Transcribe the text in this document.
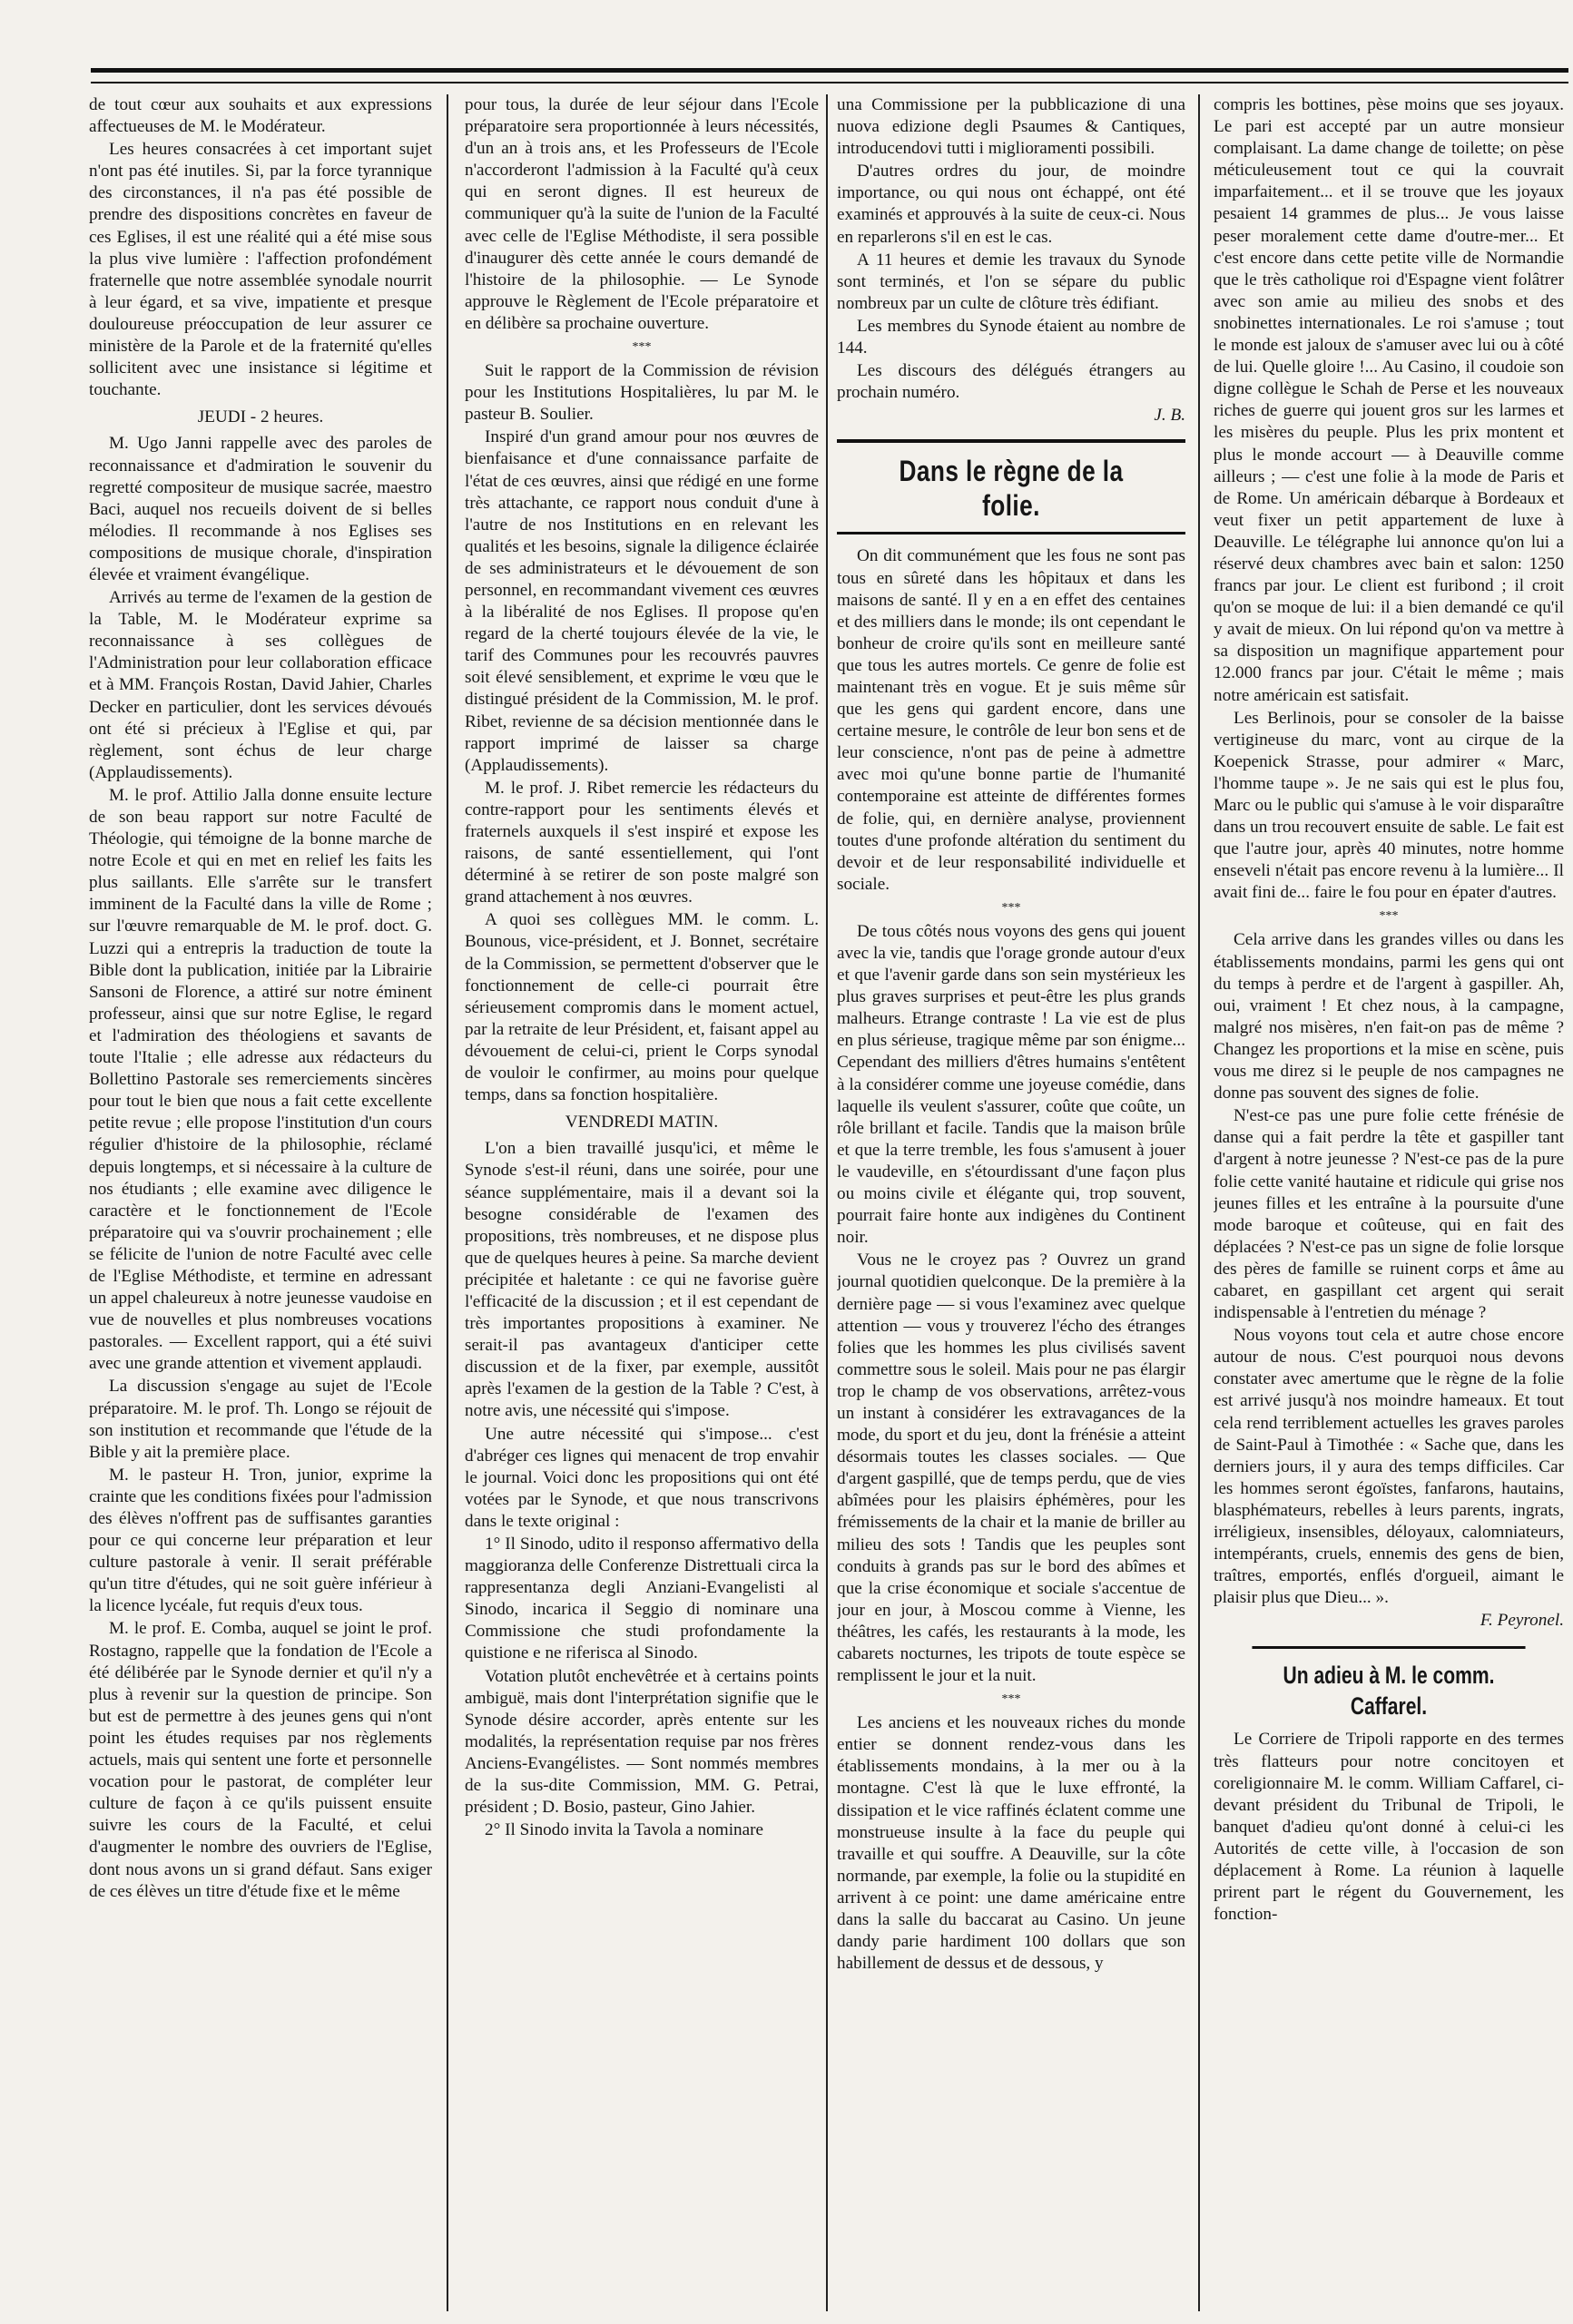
de tout cœur aux souhaits et aux expressions affectueuses de M. le Modérateur.

Les heures consacrées à cet important sujet n'ont pas été inutiles. Si, par la force tyrannique des circonstances, il n'a pas été possible de prendre des dispositions concrètes en faveur de ces Eglises, il est une réalité qui a été mise sous la plus vive lumière : l'affection profondément fraternelle que notre assemblée synodale nourrit à leur égard, et sa vive, impatiente et presque douloureuse préoccupation de leur assurer ce ministère de la Parole et de la fraternité qu'elles sollicitent avec une insistance si légitime et touchante.

JEUDI - 2 heures.

M. Ugo Janni rappelle avec des paroles de reconnaissance et d'admiration le souvenir du regretté compositeur de musique sacrée, maestro Baci, auquel nos recueils doivent de si belles mélodies. Il recommande à nos Eglises ses compositions de musique chorale, d'inspiration élevée et vraiment évangélique.

Arrivés au terme de l'examen de la gestion de la Table, M. le Modérateur exprime sa reconnaissance à ses collègues de l'Administration pour leur collaboration efficace et à MM. François Rostan, David Jahier, Charles Decker en particulier, dont les services dévoués ont été si précieux à l'Eglise et qui, par règlement, sont échus de leur charge (Applaudissements).

M. le prof. Attilio Jalla donne ensuite lecture de son beau rapport sur notre Faculté de Théologie, qui témoigne de la bonne marche de notre Ecole et qui en met en relief les faits les plus saillants. Elle s'arrête sur le transfert imminent de la Faculté dans la ville de Rome ; sur l'œuvre remarquable de M. le prof. doct. G. Luzzi qui a entrepris la traduction de toute la Bible dont la publication, initiée par la Librairie Sansoni de Florence, a attiré sur notre éminent professeur, ainsi que sur notre Eglise, le regard et l'admiration des théologiens et savants de toute l'Italie ; elle adresse aux rédacteurs du Bollettino Pastorale ses remerciements sincères pour tout le bien que nous a fait cette excellente petite revue ; elle propose l'institution d'un cours régulier d'histoire de la philosophie, réclamé depuis longtemps, et si nécessaire à la culture de nos étudiants ; elle examine avec diligence le caractère et le fonctionnement de l'Ecole préparatoire qui va s'ouvrir prochainement ; elle se félicite de l'union de notre Faculté avec celle de l'Eglise Méthodiste, et termine en adressant un appel chaleureux à notre jeunesse vaudoise en vue de nouvelles et plus nombreuses vocations pastorales. — Excellent rapport, qui a été suivi avec une grande attention et vivement applaudi.

La discussion s'engage au sujet de l'Ecole préparatoire. M. le prof. Th. Longo se réjouit de son institution et recommande que l'étude de la Bible y ait la première place.

M. le pasteur H. Tron, junior, exprime la crainte que les conditions fixées pour l'admission des élèves n'offrent pas de suffisantes garanties pour ce qui concerne leur préparation et leur culture pastorale à venir. Il serait préférable qu'un titre d'études, qui ne soit guère inférieur à la licence lycéale, fut requis d'eux tous.

M. le prof. E. Comba, auquel se joint le prof. Rostagno, rappelle que la fondation de l'Ecole a été délibérée par le Synode dernier et qu'il n'y a plus à revenir sur la question de principe. Son but est de permettre à des jeunes gens qui n'ont point les études requises par nos règlements actuels, mais qui sentent une forte et personnelle vocation pour le pastorat, de compléter leur culture de façon à ce qu'ils puissent ensuite suivre les cours de la Faculté, et celui d'augmenter le nombre des ouvriers de l'Eglise, dont nous avons un si grand défaut. Sans exiger de ces élèves un titre d'étude fixe et le même

pour tous, la durée de leur séjour dans l'Ecole préparatoire sera proportionnée à leurs nécessités, d'un an à trois ans, et les Professeurs de l'Ecole n'accorderont l'admission à la Faculté qu'à ceux qui en seront dignes. Il est heureux de communiquer qu'à la suite de l'union de la Faculté avec celle de l'Eglise Méthodiste, il sera possible d'inaugurer dès cette année le cours demandé de l'histoire de la philosophie. — Le Synode approuve le Règlement de l'Ecole préparatoire et en délibère sa prochaine ouverture.

***

Suit le rapport de la Commission de révision pour les Institutions Hospitalières, lu par M. le pasteur B. Soulier.

Inspiré d'un grand amour pour nos œuvres de bienfaisance et d'une connaissance parfaite de l'état de ces œuvres, ainsi que rédigé en une forme très attachante, ce rapport nous conduit d'une à l'autre de nos Institutions en en relevant les qualités et les besoins, signale la diligence éclairée de ses administrateurs et le dévouement de son personnel, en recommandant vivement ces œuvres à la libéralité de nos Eglises. Il propose qu'en regard de la cherté toujours élevée de la vie, le tarif des Communes pour les recouvrés pauvres soit élevé sensiblement, et exprime le vœu que le distingué président de la Commission, M. le prof. Ribet, revienne de sa décision mentionnée dans le rapport imprimé de laisser sa charge (Applaudissements).

M. le prof. J. Ribet remercie les rédacteurs du contre-rapport pour les sentiments élevés et fraternels auxquels il s'est inspiré et expose les raisons, de santé essentiellement, qui l'ont déterminé à se retirer de son poste malgré son grand attachement à nos œuvres.

A quoi ses collègues MM. le comm. L. Bounous, vice-président, et J. Bonnet, secrétaire de la Commission, se permettent d'observer que le fonctionnement de celle-ci pourrait être sérieusement compromis dans le moment actuel, par la retraite de leur Président, et, faisant appel au dévouement de celui-ci, prient le Corps synodal de vouloir le confirmer, au moins pour quelque temps, dans sa fonction hospitalière.

VENDREDI MATIN.

L'on a bien travaillé jusqu'ici, et même le Synode s'est-il réuni, dans une soirée, pour une séance supplémentaire, mais il a devant soi la besogne considérable de l'examen des propositions, très nombreuses, et ne dispose plus que de quelques heures à peine. Sa marche devient précipitée et haletante : ce qui ne favorise guère l'efficacité de la discussion ; et il est cependant de très importantes propositions à examiner. Ne serait-il pas avantageux d'anticiper cette discussion et de la fixer, par exemple, aussitôt après l'examen de la gestion de la Table ? C'est, à notre avis, une nécessité qui s'impose.

Une autre nécessité qui s'impose... c'est d'abréger ces lignes qui menacent de trop envahir le journal. Voici donc les propositions qui ont été votées par le Synode, et que nous transcrivons dans le texte original :

1° Il Sinodo, udito il responso affermativo della maggioranza delle Conferenze Distrettuali circa la rappresentanza degli Anziani-Evangelisti al Sinodo, incarica il Seggio di nominare una Commissione che studi profondamente la quistione e ne riferisca al Sinodo.

Votation plutôt enchevêtrée et à certains points ambiguë, mais dont l'interprétation signifie que le Synode désire accorder, après entente sur les modalités, la représentation requise par nos frères Anciens-Evangélistes. — Sont nommés membres de la sus-dite Commission, MM. G. Petrai, président ; D. Bosio, pasteur, Gino Jahier.

2° Il Sinodo invita la Tavola a nominare

una Commissione per la pubblicazione di una nuova edizione degli Psaumes & Cantiques, introducendovi tutti i miglioramenti possibili.

D'autres ordres du jour, de moindre importance, ou qui nous ont échappé, ont été examinés et approuvés à la suite de ceux-ci. Nous en reparlerons s'il en est le cas.

A 11 heures et demie les travaux du Synode sont terminés, et l'on se sépare du public nombreux par un culte de clôture très édifiant.

Les membres du Synode étaient au nombre de 144.

Les discours des délégués étrangers au prochain numéro.

J. B.

Dans le règne de la folie.

On dit communément que les fous ne sont pas tous en sûreté dans les hôpitaux et dans les maisons de santé. Il y en a en effet des centaines et des milliers dans le monde; ils ont cependant le bonheur de croire qu'ils sont en meilleure santé que tous les autres mortels. Ce genre de folie est maintenant très en vogue. Et je suis même sûr que les gens qui gardent encore, dans une certaine mesure, le contrôle de leur bon sens et de leur conscience, n'ont pas de peine à admettre avec moi qu'une bonne partie de l'humanité contemporaine est atteinte de différentes formes de folie, qui, en dernière analyse, proviennent toutes d'une profonde altération du sentiment du devoir et de leur responsabilité individuelle et sociale.

***

De tous côtés nous voyons des gens qui jouent avec la vie, tandis que l'orage gronde autour d'eux et que l'avenir garde dans son sein mystérieux les plus graves surprises et peut-être les plus grands malheurs. Etrange contraste ! La vie est de plus en plus sérieuse, tragique même par son énigme... Cependant des milliers d'êtres humains s'entêtent à la considérer comme une joyeuse comédie, dans laquelle ils veulent s'assurer, coûte que coûte, un rôle brillant et facile. Tandis que la maison brûle et que la terre tremble, les fous s'amusent à jouer le vaudeville, en s'étourdissant d'une façon plus ou moins civile et élégante qui, trop souvent, pourrait faire honte aux indigènes du Continent noir.

Vous ne le croyez pas ? Ouvrez un grand journal quotidien quelconque. De la première à la dernière page — si vous l'examinez avec quelque attention — vous y trouverez l'écho des étranges folies que les hommes les plus civilisés savent commettre sous le soleil. Mais pour ne pas élargir trop le champ de vos observations, arrêtez-vous un instant à considérer les extravagances de la mode, du sport et du jeu, dont la frénésie a atteint désormais toutes les classes sociales. — Que d'argent gaspillé, que de temps perdu, que de vies abîmées pour les plaisirs éphémères, pour les frémissements de la chair et la manie de briller au milieu des sots ! Tandis que les peuples sont conduits à grands pas sur le bord des abîmes et que la crise économique et sociale s'accentue de jour en jour, à Moscou comme à Vienne, les théâtres, les cafés, les restaurants à la mode, les cabarets nocturnes, les tripots de toute espèce se remplissent le jour et la nuit.

***

Les anciens et les nouveaux riches du monde entier se donnent rendez-vous dans les établissements mondains, à la mer ou à la montagne. C'est là que le luxe effronté, la dissipation et le vice raffinés éclatent comme une monstrueuse insulte à la face du peuple qui travaille et qui souffre. A Deauville, sur la côte normande, par exemple, la folie ou la stupidité en arrivent à ce point: une dame américaine entre dans la salle du baccarat au Casino. Un jeune dandy parie hardiment 100 dollars que son habillement de dessus et de dessous, y

compris les bottines, pèse moins que ses joyaux. Le pari est accepté par un autre monsieur complaisant. La dame change de toilette; on pèse méticuleusement tout ce qui la couvrait imparfaitement... et il se trouve que les joyaux pesaient 14 grammes de plus... Je vous laisse peser moralement cette dame d'outre-mer... Et c'est encore dans cette petite ville de Normandie que le très catholique roi d'Espagne vient folâtrer avec son amie au milieu des snobs et des snobinettes internationales. Le roi s'amuse ; tout le monde est jaloux de s'amuser avec lui ou à côté de lui. Quelle gloire !... Au Casino, il coudoie son digne collègue le Schah de Perse et les nouveaux riches de guerre qui jouent gros sur les larmes et les misères du peuple. Plus les prix montent et plus le monde accourt — à Deauville comme ailleurs ; — c'est une folie à la mode de Paris et de Rome. Un américain débarque à Bordeaux et veut fixer un petit appartement de luxe à Deauville. Le télégraphe lui annonce qu'on lui a réservé deux chambres avec bain et salon: 1250 francs par jour. Le client est furibond ; il croit qu'on se moque de lui: il a bien demandé ce qu'il y avait de mieux. On lui répond qu'on va mettre à sa disposition un magnifique appartement pour 12.000 francs par jour. C'était le même ; mais notre américain est satisfait.

Les Berlinois, pour se consoler de la baisse vertigineuse du marc, vont au cirque de la Koepenick Strasse, pour admirer « Marc, l'homme taupe ». Je ne sais qui est le plus fou, Marc ou le public qui s'amuse à le voir disparaître dans un trou recouvert ensuite de sable. Le fait est que l'autre jour, après 40 minutes, notre homme enseveli n'était pas encore revenu à la lumière... Il avait fini de... faire le fou pour en épater d'autres.

***

Cela arrive dans les grandes villes ou dans les établissements mondains, parmi les gens qui ont du temps à perdre et de l'argent à gaspiller. Ah, oui, vraiment ! Et chez nous, à la campagne, malgré nos misères, n'en fait-on pas de même ? Changez les proportions et la mise en scène, puis vous me direz si le peuple de nos campagnes ne donne pas souvent des signes de folie.

N'est-ce pas une pure folie cette frénésie de danse qui a fait perdre la tête et gaspiller tant d'argent à notre jeunesse ? N'est-ce pas de la pure folie cette vanité hautaine et ridicule qui grise nos jeunes filles et les entraîne à la poursuite d'une mode baroque et coûteuse, qui en fait des déplacées ? N'est-ce pas un signe de folie lorsque des pères de famille se ruinent corps et âme au cabaret, en gaspillant cet argent qui serait indispensable à l'entretien du ménage ?

Nous voyons tout cela et autre chose encore autour de nous. C'est pourquoi nous devons constater avec amertume que le règne de la folie est arrivé jusqu'à nos moindre hameaux. Et tout cela rend terriblement actuelles les graves paroles de Saint-Paul à Timothée : « Sache que, dans les derniers jours, il y aura des temps difficiles. Car les hommes seront égoïstes, fanfarons, hautains, blasphémateurs, rebelles à leurs parents, ingrats, irréligieux, insensibles, déloyaux, calomniateurs, intempérants, cruels, ennemis des gens de bien, traîtres, emportés, enflés d'orgueil, aimant le plaisir plus que Dieu... ».

F. Peyronel.

Un adieu à M. le comm. Caffarel.

Le Corriere de Tripoli rapporte en des termes très flatteurs pour notre concitoyen et coreligionnaire M. le comm. William Caffarel, ci-devant président du Tribunal de Tripoli, le banquet d'adieu qu'ont donné à celui-ci les Autorités de cette ville, à l'occasion de son déplacement à Rome. La réunion à laquelle prirent part le régent du Gouvernement, les fonction-
